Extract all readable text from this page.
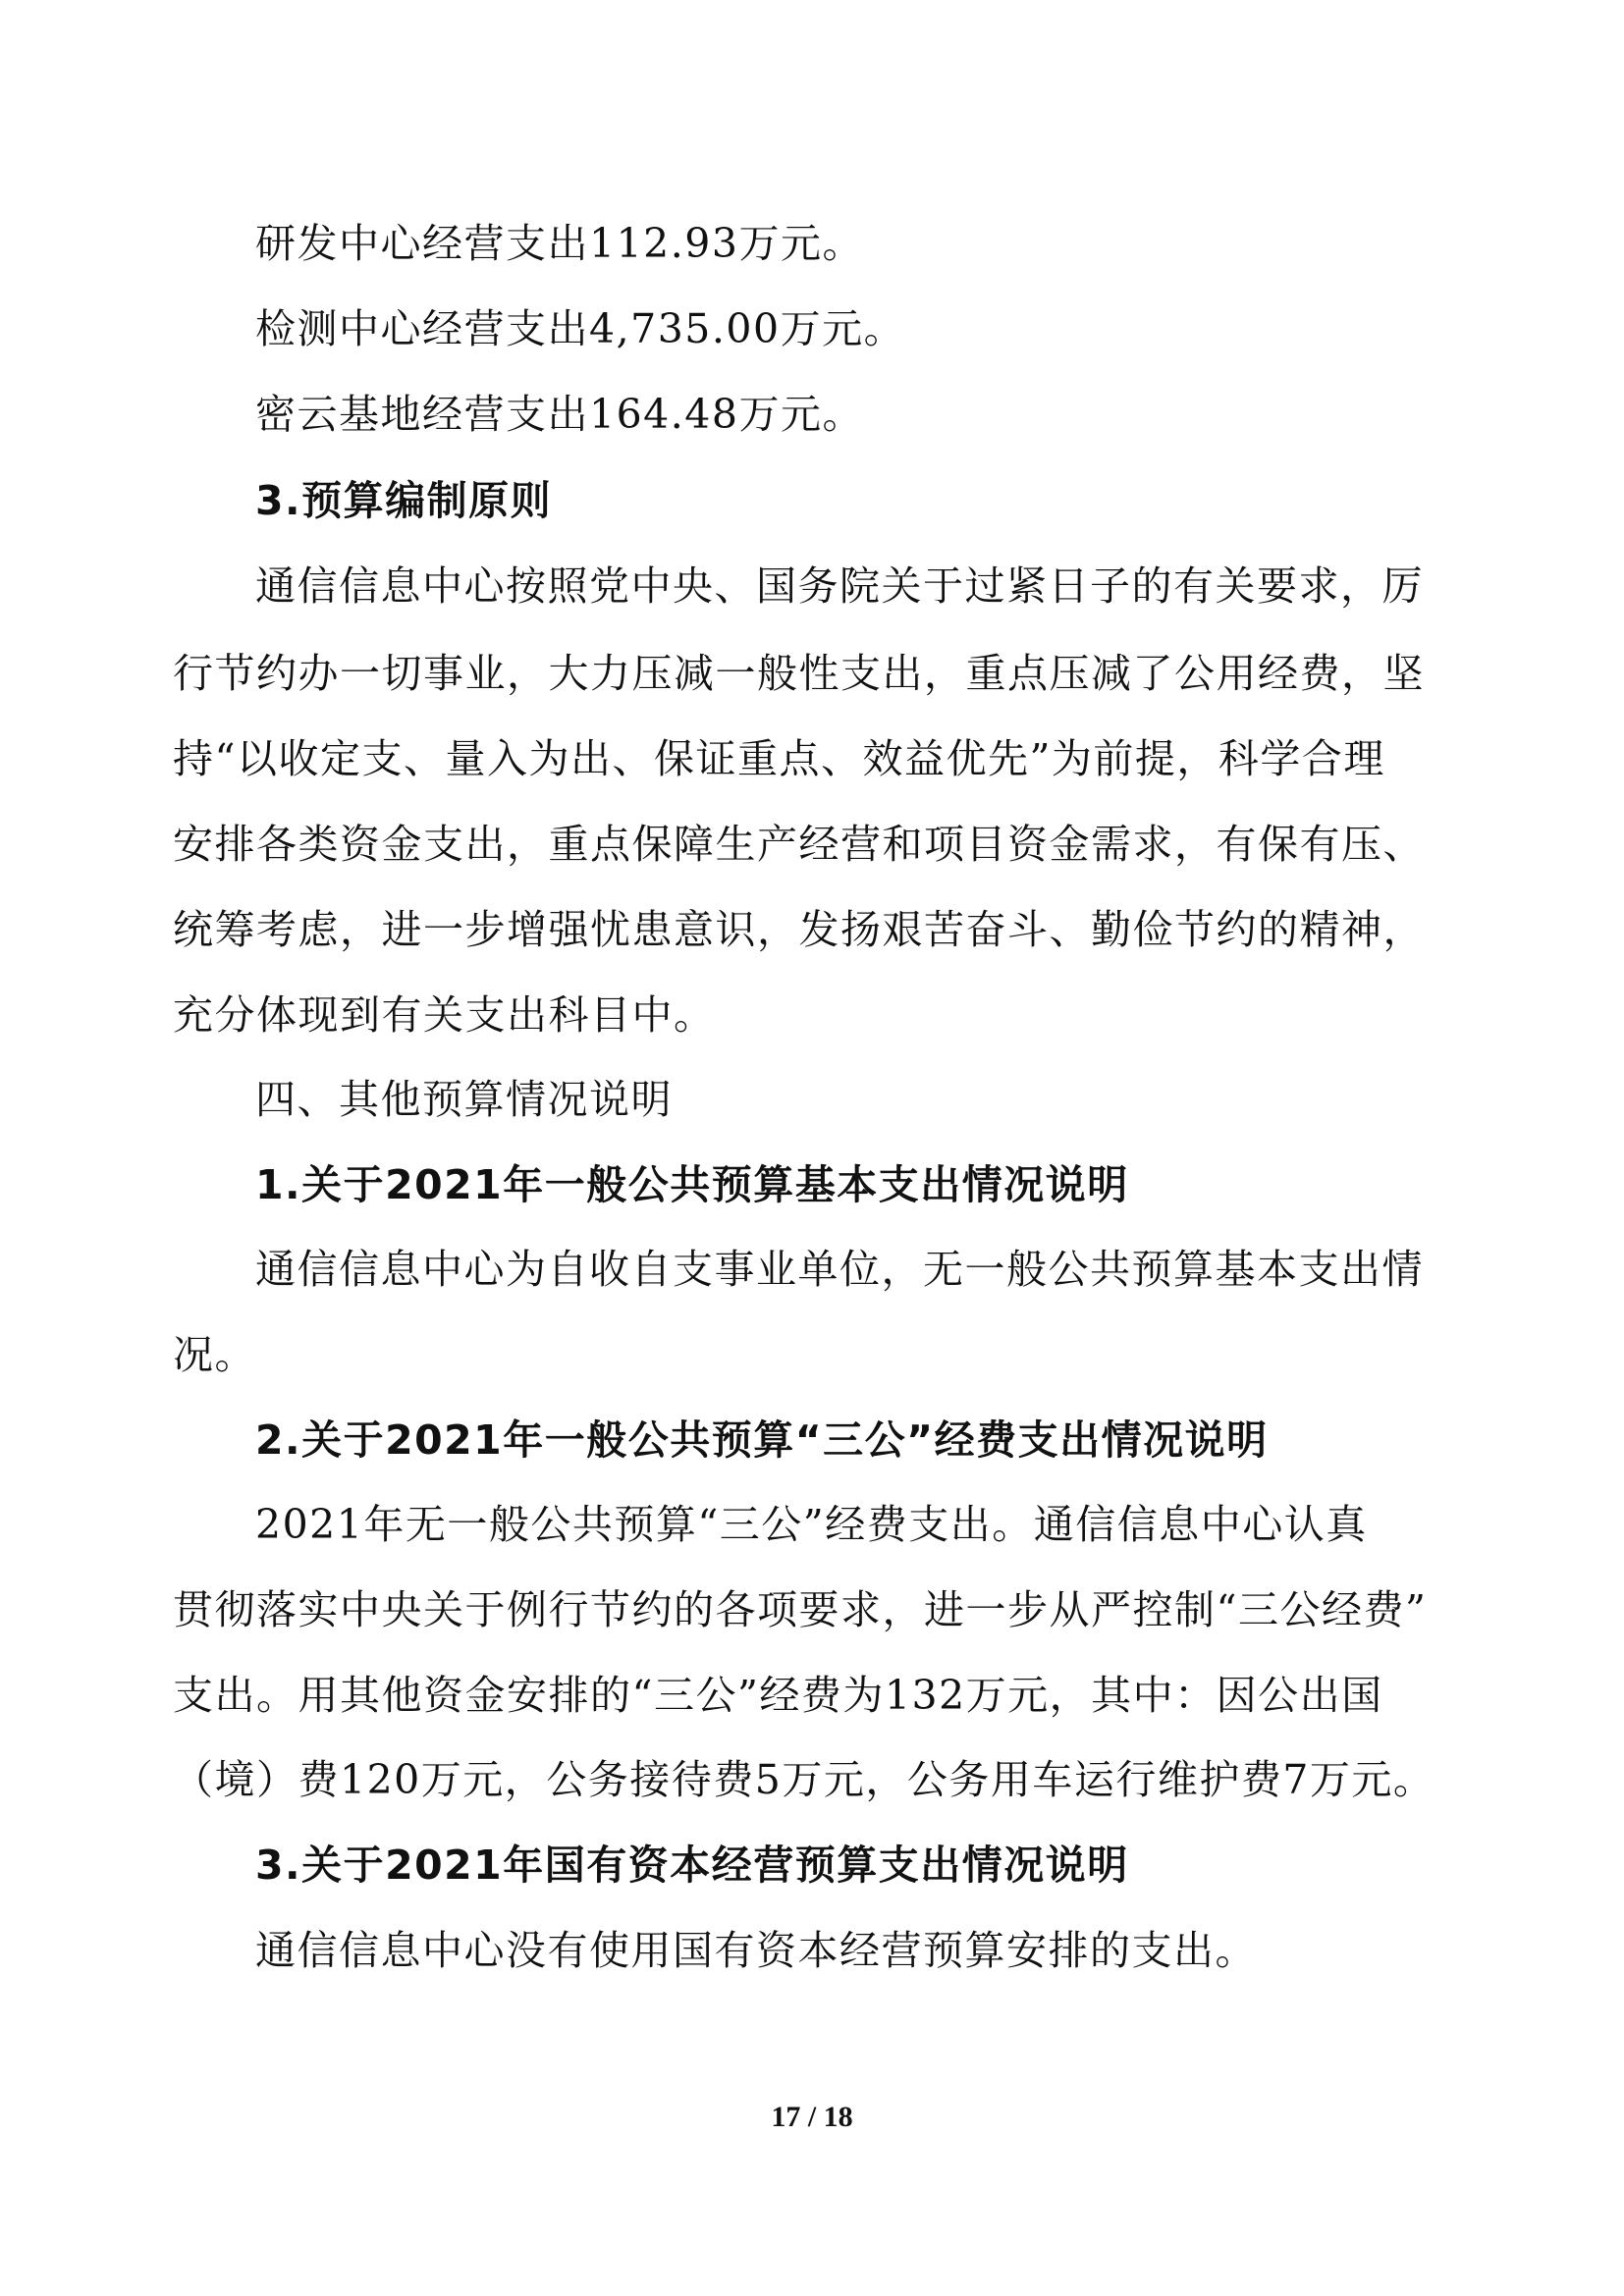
研发中心经营支出112.93万元。
检测中心经营支出4,735.00万元。
密云基地经营支出164.48万元。
3.预算编制原则
通信信息中心按照党中央、国务院关于过紧日子的有关要求，厉
行节约办一切事业，大力压减一般性支出，重点压减了公用经费，坚
持“以收定支、量入为出、保证重点、效益优先”为前提，科学合理
安排各类资金支出，重点保障生产经营和项目资金需求，有保有压、
统筹考虑，进一步增强忧患意识，发扬艰苦奋斗、勤俭节约的精神，
充分体现到有关支出科目中。
四、其他预算情况说明
1.关于2021年一般公共预算基本支出情况说明
通信信息中心为自收自支事业单位，无一般公共预算基本支出情
况。
2.关于2021年一般公共预算“三公”经费支出情况说明
2021年无一般公共预算“三公”经费支出。通信信息中心认真
贯彻落实中央关于例行节约的各项要求，进一步从严控制“三公经费”
支出。用其他资金安排的“三公”经费为132万元，其中：因公出国
（境）费120万元，公务接待费5万元，公务用车运行维护费7万元。
3.关于2021年国有资本经营预算支出情况说明
通信信息中心没有使用国有资本经营预算安排的支出。
17 / 18
